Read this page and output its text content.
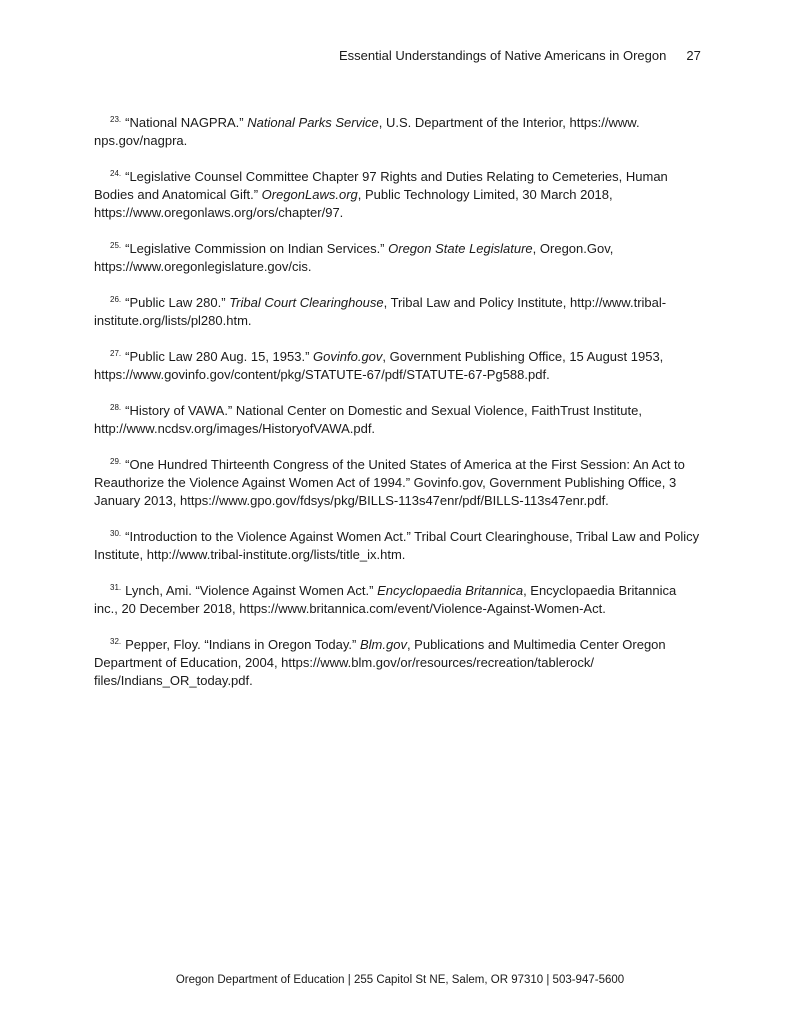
Essential Understandings of Native Americans in Oregon 27

$^{23.}$ “National NAGPRA.” National Parks Service, U.S. Department of the Interior, https://www.​nps.gov/nagpra.

$^{24.}$ “Legislative Counsel Committee Chapter 97 Rights and Duties Relating to Cemeteries, Human Bodies and Anatomical Gift.” OregonLaws.org, Public Technology Limited, 30 March 2018, https://www.oregonlaws.org/ors/chapter/97.

$^{25.}$ “Legislative Commission on Indian Services.” Oregon State Legislature, Oregon.Gov, https://www.oregonlegislature.gov/cis.

$^{26.}$ “Public Law 280.” Tribal Court Clearinghouse, Tribal Law and Policy Institute, http://www.tribal-institute.org/lists/pl280.htm.

$^{27.}$ “Public Law 280 Aug. 15, 1953.” Govinfo.gov, Government Publishing Office, 15 August 1953, https://www.govinfo.gov/content/pkg/STATUTE-67/pdf/STATUTE-67-Pg588.pdf.

$^{28.}$ “History of VAWA.” National Center on Domestic and Sexual Violence, FaithTrust Institute, http://www.ncdsv.org/images/HistoryofVAWA.pdf.

$^{29.}$ “One Hundred Thirteenth Congress of the United States of America at the First Session: An Act to Reauthorize the Violence Against Women Act of 1994.” Govinfo.gov, Government Publishing Office, 3 January 2013, https://www.gpo.gov/fdsys/pkg/BILLS-113s47enr/pdf/BILLS-​113s47enr.pdf.

$^{30.}$ “Introduction to the Violence Against Women Act.” Tribal Court Clearinghouse, Tribal Law and Policy Institute, http://www.tribal-institute.org/lists/title_ix.htm.

$^{31.}$ Lynch, Ami. “Violence Against Women Act.” Encyclopaedia Britannica, Encyclopaedia Britannica inc., 20 December 2018, https://www.britannica.com/event/Violence-Against-Women-​Act.

$^{32.}$ Pepper, Floy. “Indians in Oregon Today.” Blm.gov, Publications and Multimedia Center Oregon Department of Education, 2004, https://www.blm.gov/or/resources/recreation/tablerock/​files/Indians_OR_today.pdf.

Oregon Department of Education | 255 Capitol St NE, Salem, OR 97310 | 503-947-5600
